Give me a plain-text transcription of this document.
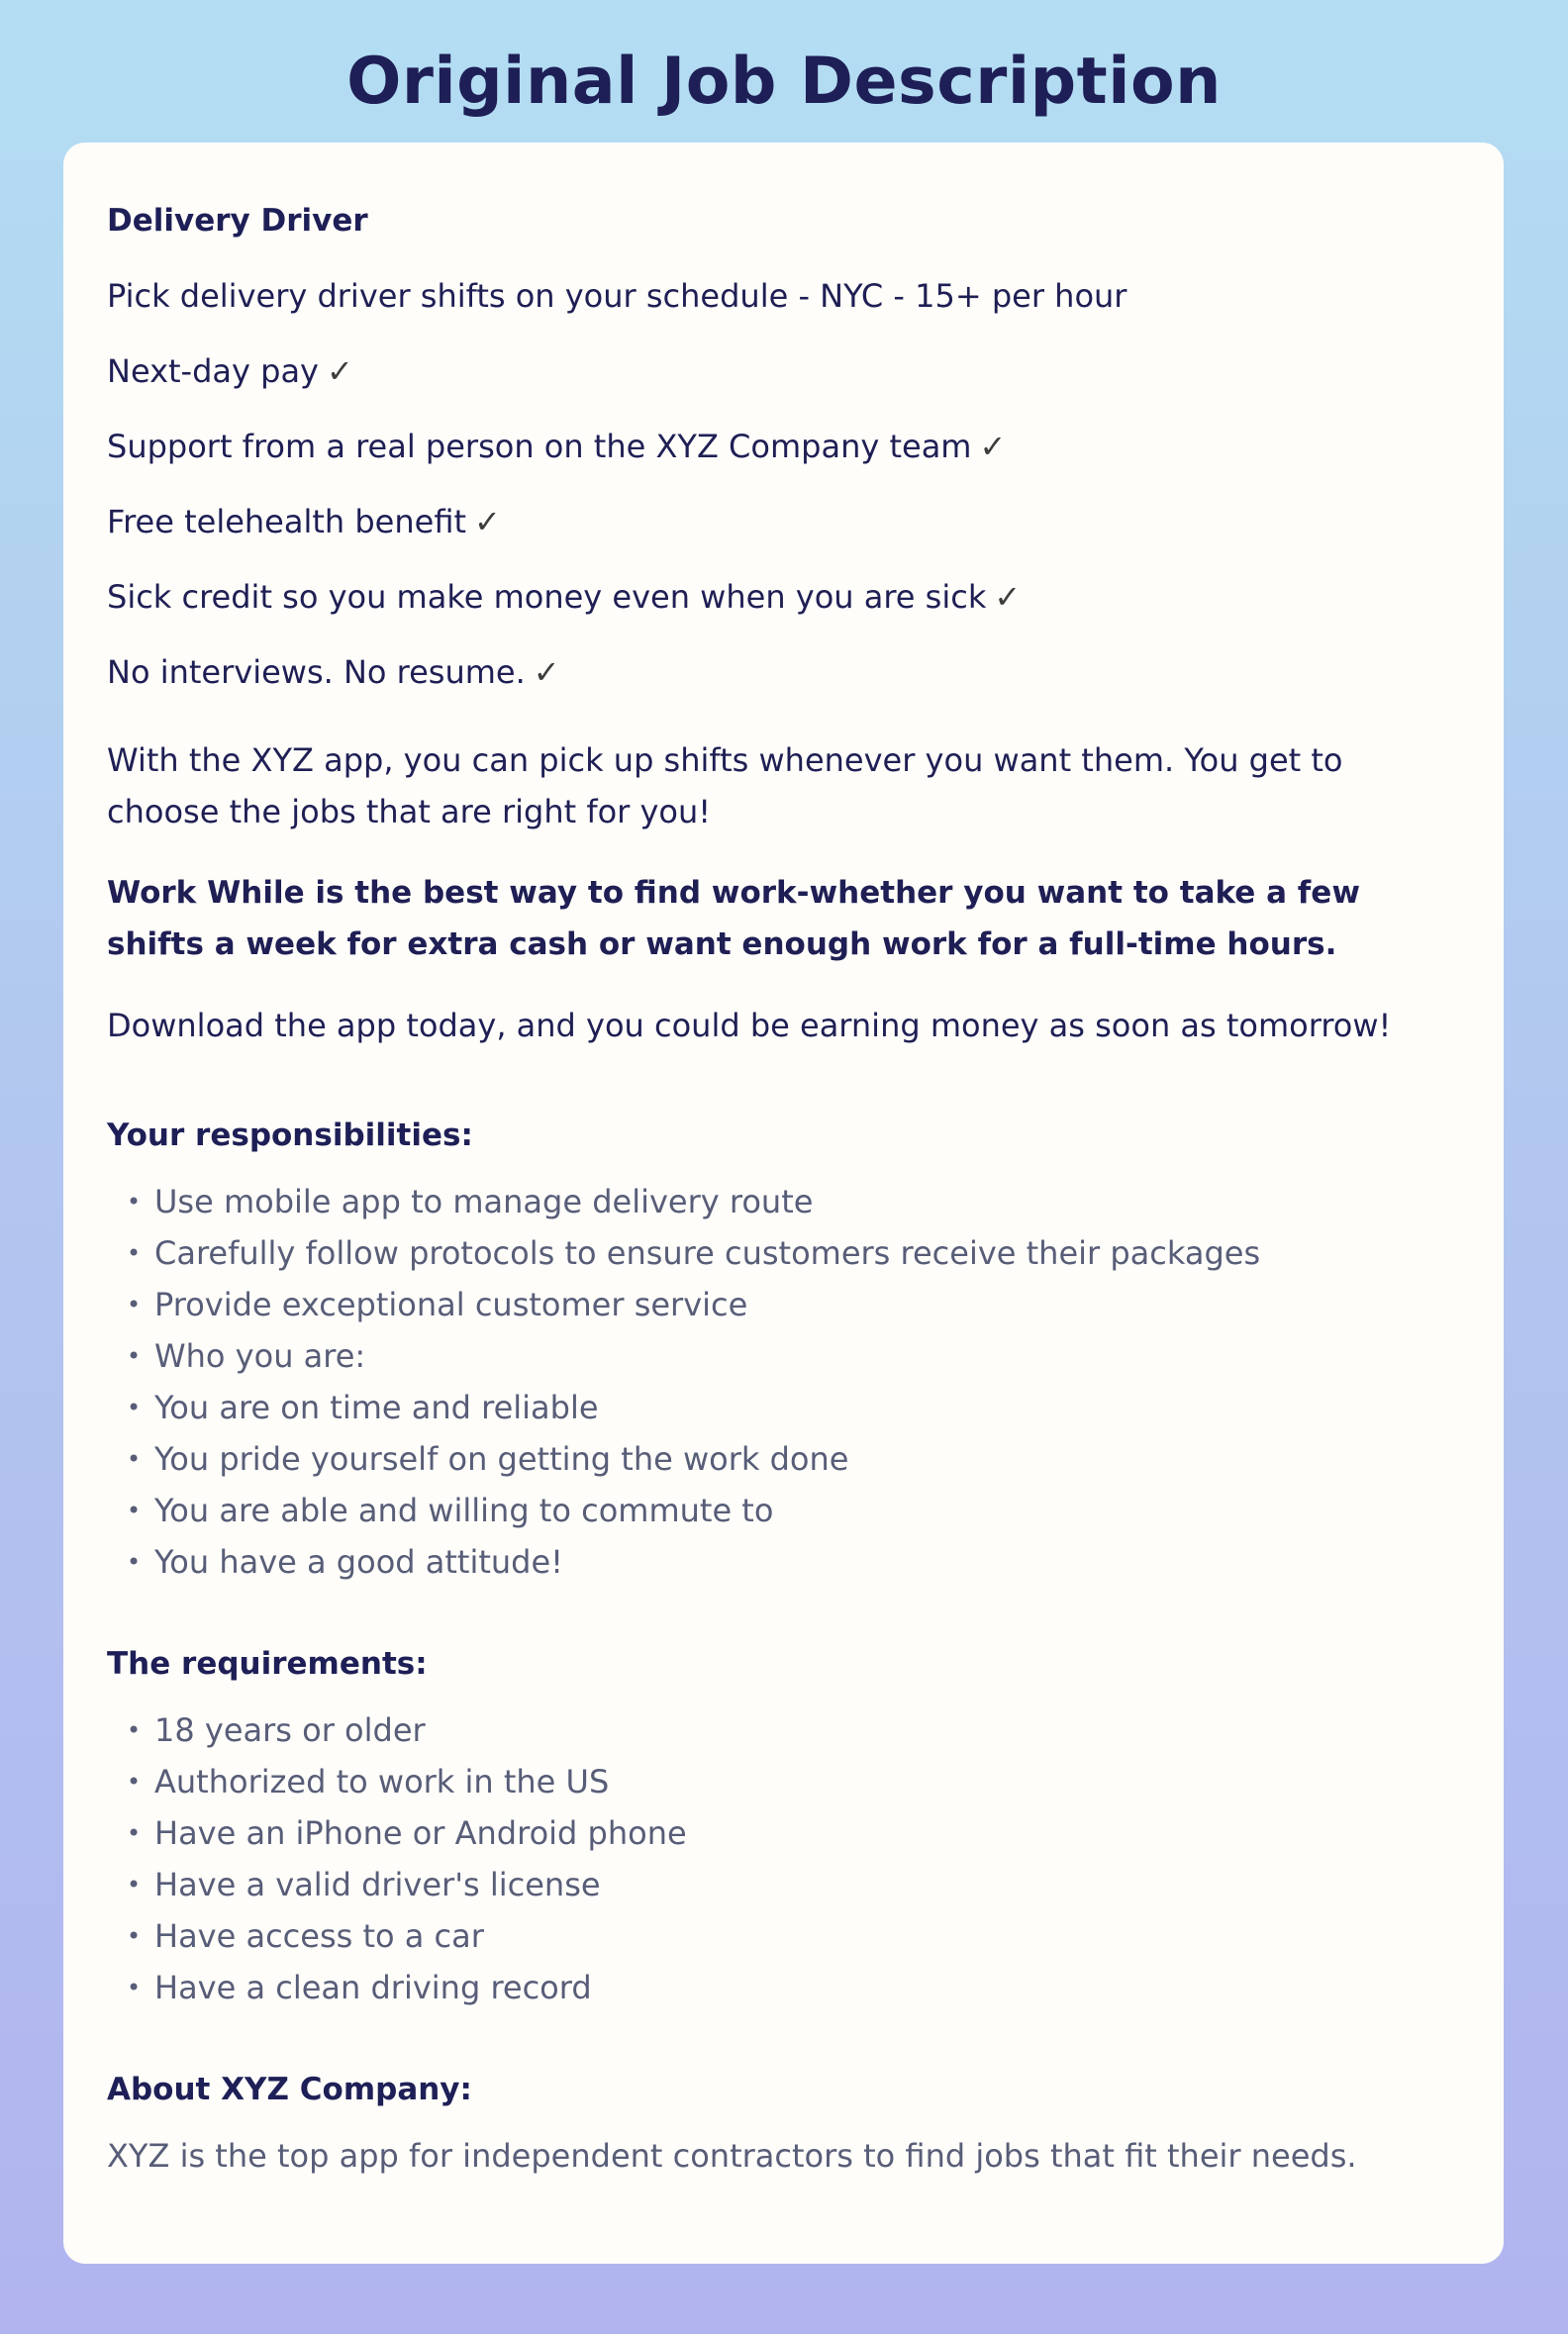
Original Job Description
Delivery Driver
Pick delivery driver shifts on your schedule - NYC - 15+ per hour
Next-day pay ✓
Support from a real person on the XYZ Company team ✓
Free telehealth benefit ✓
Sick credit so you make money even when you are sick ✓
No interviews. No resume. ✓

With the XYZ app, you can pick up shifts whenever you want them. You get to choose the jobs that are right for you!

Work While is the best way to find work-whether you want to take a few shifts a week for extra cash or want enough work for a full-time hours.

Download the app today, and you could be earning money as soon as tomorrow!

Your responsibilities:
• Use mobile app to manage delivery route
• Carefully follow protocols to ensure customers receive their packages
• Provide exceptional customer service
• Who you are:
• You are on time and reliable
• You pride yourself on getting the work done
• You are able and willing to commute to
• You have a good attitude!
The requirements:
• 18 years or older
• Authorized to work in the US
• Have an iPhone or Android phone
• Have a valid driver's license
• Have access to a car
• Have a clean driving record
About XYZ Company:

XYZ is the top app for independent contractors to find jobs that fit their needs.
